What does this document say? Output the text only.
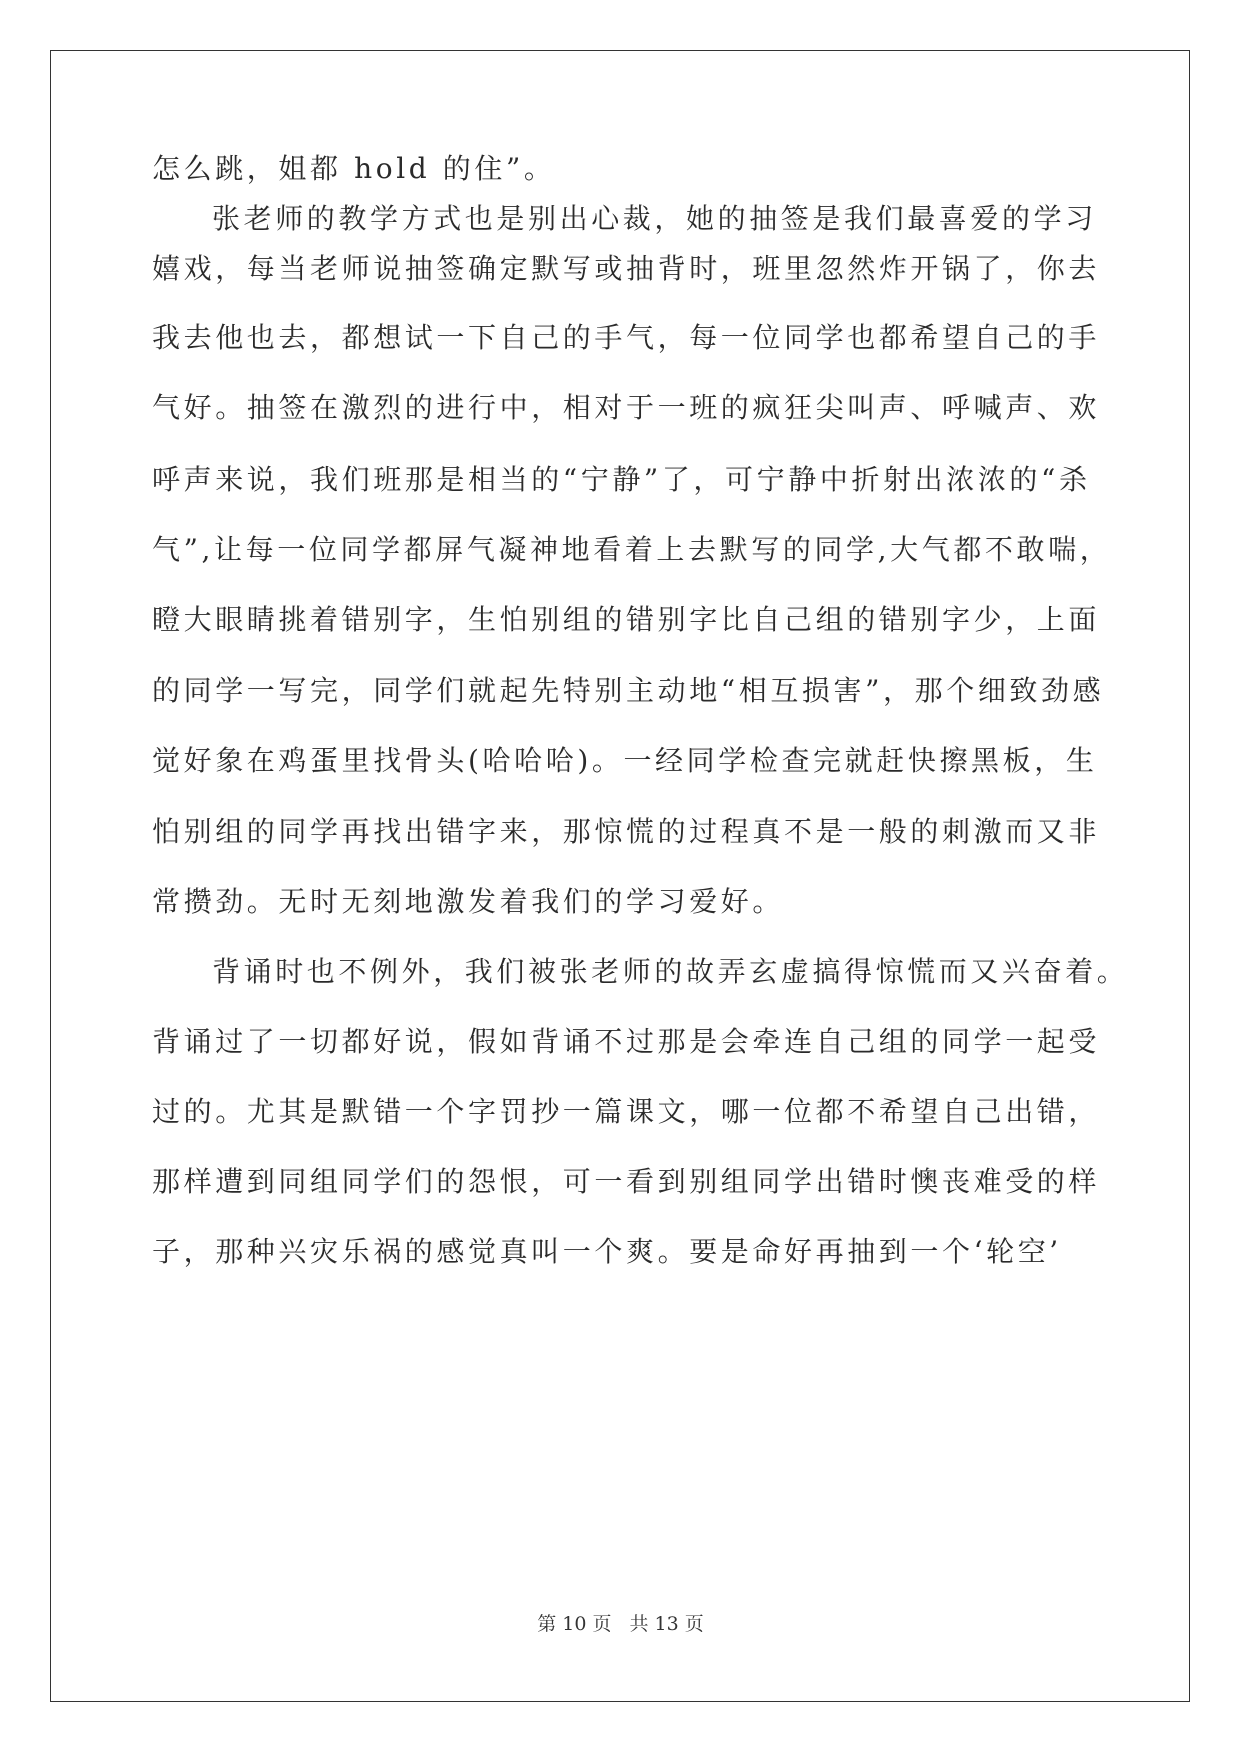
怎么跳，姐都 hold 的住”。
张老师的教学方式也是别出心裁，她的抽签是我们最喜爱的学习
嬉戏，每当老师说抽签确定默写或抽背时，班里忽然炸开锅了，你去
我去他也去，都想试一下自己的手气，每一位同学也都希望自己的手
气好。抽签在激烈的进行中，相对于一班的疯狂尖叫声、呼喊声、欢
呼声来说，我们班那是相当的“宁静”了，可宁静中折射出浓浓的“杀
气”,让每一位同学都屏气凝神地看着上去默写的同学,大气都不敢喘，
瞪大眼睛挑着错别字，生怕别组的错别字比自己组的错别字少，上面
的同学一写完，同学们就起先特别主动地“相互损害”，那个细致劲感
觉好象在鸡蛋里找骨头(哈哈哈)。一经同学检查完就赶快擦黑板，生
怕别组的同学再找出错字来，那惊慌的过程真不是一般的刺激而又非
常攒劲。无时无刻地激发着我们的学习爱好。
背诵时也不例外，我们被张老师的故弄玄虚搞得惊慌而又兴奋着。
背诵过了一切都好说，假如背诵不过那是会牵连自己组的同学一起受
过的。尤其是默错一个字罚抄一篇课文，哪一位都不希望自己出错，
那样遭到同组同学们的怨恨，可一看到别组同学出错时懊丧难受的样
子，那种兴灾乐祸的感觉真叫一个爽。要是命好再抽到一个‘轮空’
第 10 页 共 13 页
